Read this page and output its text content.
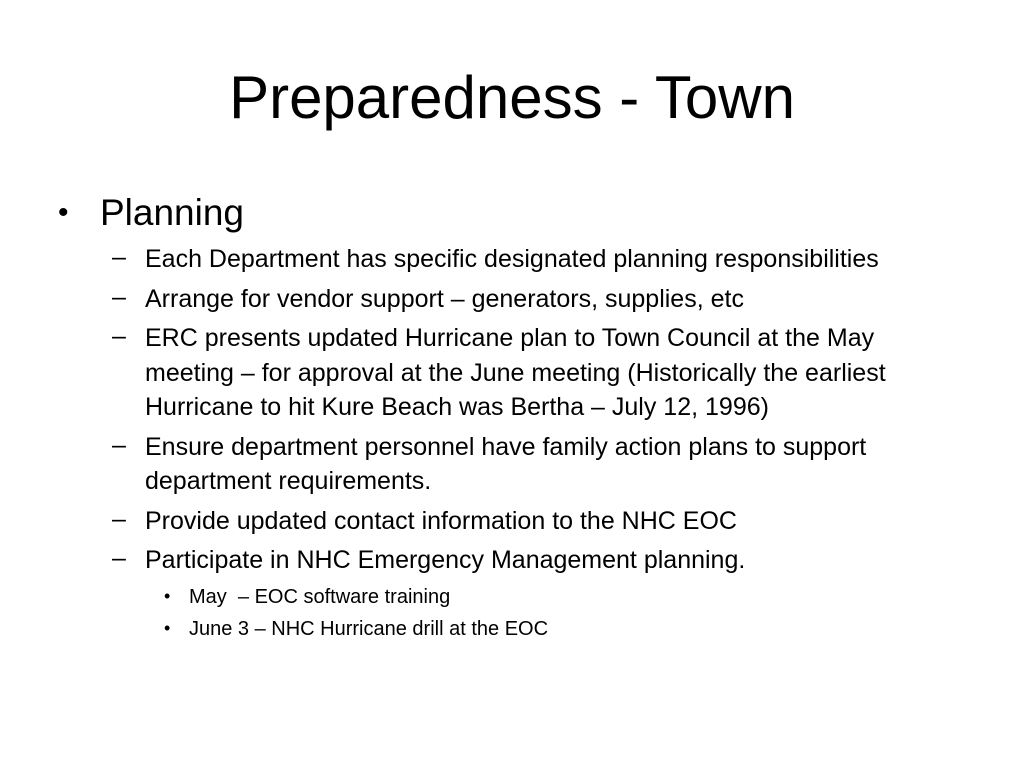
Preparedness - Town
• Planning
– Each Department has specific designated planning responsibilities
– Arrange for vendor support – generators, supplies, etc
– ERC presents updated Hurricane plan to Town Council at the May meeting – for approval at the June meeting (Historically the earliest Hurricane to hit Kure Beach was Bertha – July 12, 1996)
– Ensure department personnel have family action plans to support department requirements.
– Provide updated contact information to the NHC EOC
– Participate in NHC Emergency Management planning.
• May  – EOC software training
• June 3 – NHC Hurricane drill at the EOC
